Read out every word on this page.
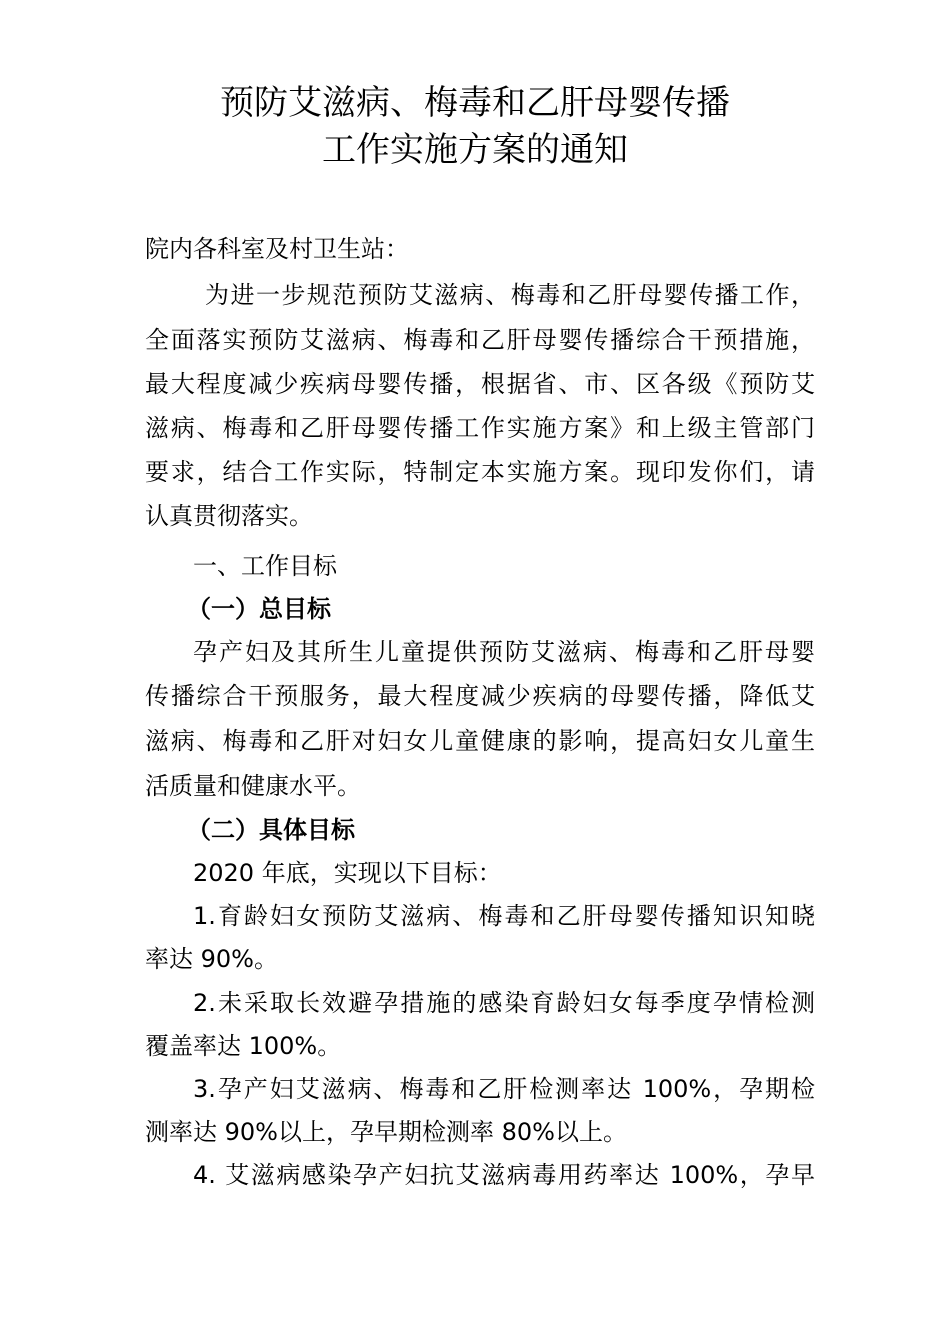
预防艾滋病、梅毒和乙肝母婴传播
工作实施方案的通知
院内各科室及村卫生站：
为进一步规范预防艾滋病、梅毒和乙肝母婴传播工作，
全面落实预防艾滋病、梅毒和乙肝母婴传播综合干预措施，
最大程度减少疾病母婴传播，根据省、市、区各级《预防艾
滋病、梅毒和乙肝母婴传播工作实施方案》和上级主管部门
要求，结合工作实际，特制定本实施方案。现印发你们，请
认真贯彻落实。
一、工作目标
（一）总目标
孕产妇及其所生儿童提供预防艾滋病、梅毒和乙肝母婴
传播综合干预服务，最大程度减少疾病的母婴传播，降低艾
滋病、梅毒和乙肝对妇女儿童健康的影响，提高妇女儿童生
活质量和健康水平。
（二）具体目标
2020 年底，实现以下目标：
1.育龄妇女预防艾滋病、梅毒和乙肝母婴传播知识知晓
率达 90%。
2.未采取长效避孕措施的感染育龄妇女每季度孕情检测
覆盖率达 100%。
3.孕产妇艾滋病、梅毒和乙肝检测率达 100%，孕期检
测率达 90%以上，孕早期检测率 80%以上。
4. 艾滋病感染孕产妇抗艾滋病毒用药率达 100%，孕早
